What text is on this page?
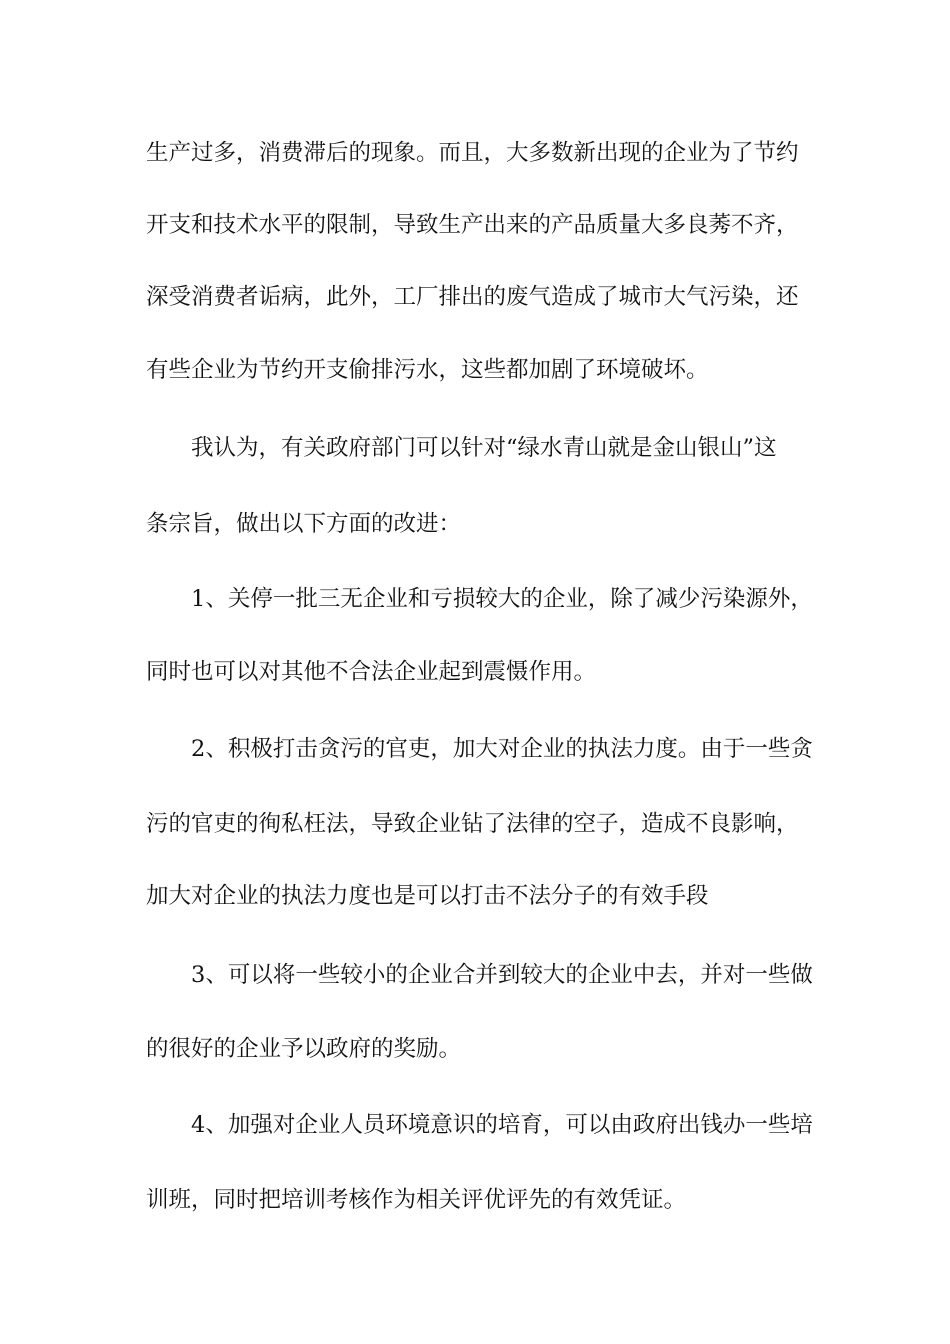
生产过多，消费滞后的现象。而且，大多数新出现的企业为了节约
开支和技术水平的限制，导致生产出来的产品质量大多良莠不齐，
深受消费者诟病，此外，工厂排出的废气造成了城市大气污染，还
有些企业为节约开支偷排污水，这些都加剧了环境破坏。
我认为，有关政府部门可以针对“绿水青山就是金山银山”这
条宗旨，做出以下方面的改进：
1、关停一批三无企业和亏损较大的企业，除了减少污染源外，
同时也可以对其他不合法企业起到震慑作用。
2、积极打击贪污的官吏，加大对企业的执法力度。由于一些贪
污的官吏的徇私枉法，导致企业钻了法律的空子，造成不良影响，
加大对企业的执法力度也是可以打击不法分子的有效手段
3、可以将一些较小的企业合并到较大的企业中去，并对一些做
的很好的企业予以政府的奖励。
4、加强对企业人员环境意识的培育，可以由政府出钱办一些培
训班，同时把培训考核作为相关评优评先的有效凭证。
